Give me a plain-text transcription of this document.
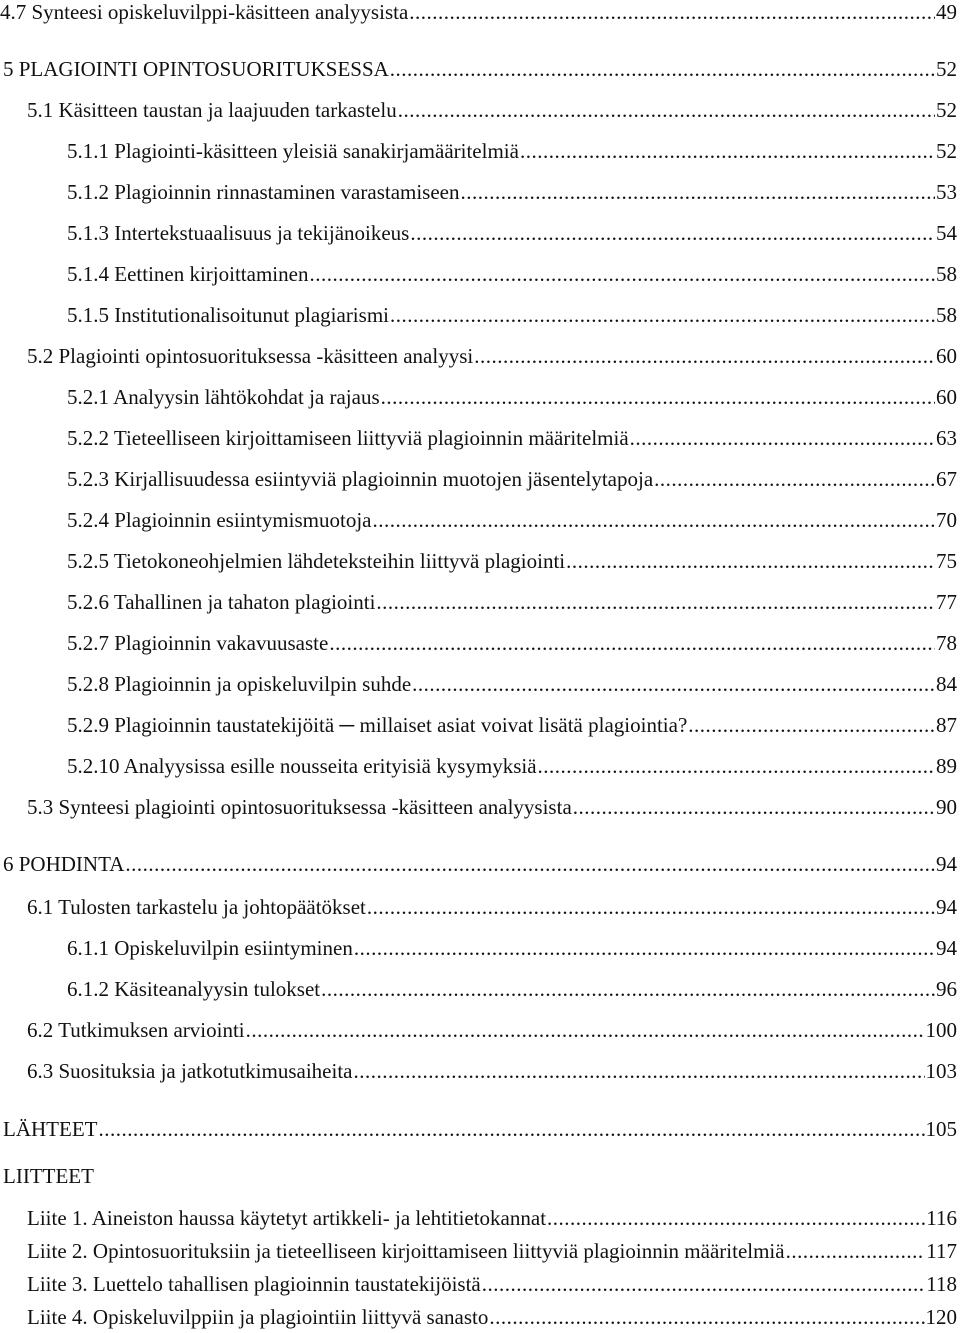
4.7 Synteesi opiskeluvilppi-käsitteen analyysista .....	49
5 PLAGIOINTI OPINTOSUORITUKSESSA .....	52
5.1 Käsitteen taustan ja laajuuden tarkastelu .....	52
5.1.1 Plagiointi-käsitteen yleisiä sanakirjamääritelmiä .....	52
5.1.2 Plagioinnin rinnastaminen varastamiseen .....	53
5.1.3 Intertekstuaalisuus ja tekijänoikeus .....	54
5.1.4 Eettinen kirjoittaminen .....	58
5.1.5 Institutionalisoitunut plagiarismi .....	58
5.2 Plagiointi opintosuorituksessa -käsitteen analyysi .....	60
5.2.1 Analyysin lähtökohdat ja rajaus .....	60
5.2.2 Tieteelliseen kirjoittamiseen liittyviä plagioinnin määritelmiä .....	63
5.2.3 Kirjallisuudessa esiintyviä plagioinnin muotojen jäsentelytapoja .....	67
5.2.4 Plagioinnin esiintymismuotoja .....	70
5.2.5 Tietokoneohjelmien lähdeteksteihin liittyvä plagiointi .....	75
5.2.6 Tahallinen ja tahaton plagiointi .....	77
5.2.7 Plagioinnin vakavuusaste .....	78
5.2.8 Plagioinnin ja opiskeluvilpin suhde .....	84
5.2.9 Plagioinnin taustatekijöitä ─ millaiset asiat voivat lisätä plagiointia? .....	87
5.2.10 Analyysissa esille nousseita erityisiä kysymyksiä .....	89
5.3 Synteesi plagiointi opintosuorituksessa -käsitteen analyysista .....	90
6 POHDINTA .....	94
6.1 Tulosten tarkastelu ja johtopäätökset .....	94
6.1.1 Opiskeluvilpin esiintyminen .....	94
6.1.2 Käsiteanalyysin tulokset .....	96
6.2 Tutkimuksen arviointi .....	100
6.3 Suosituksia ja jatkotutkimusaiheita .....	103
LÄHTEET .....	105
LIITTEET
Liite 1. Aineiston haussa käytetyt artikkeli- ja lehtitietokannat .....	116
Liite 2. Opintosuorituksiin ja tieteelliseen kirjoittamiseen liittyviä plagioinnin määritelmiä .....	117
Liite 3. Luettelo tahallisen plagioinnin taustatekijöistä .....	118
Liite 4. Opiskeluvilppiin ja plagiointiin liittyvä sanasto .....	120
